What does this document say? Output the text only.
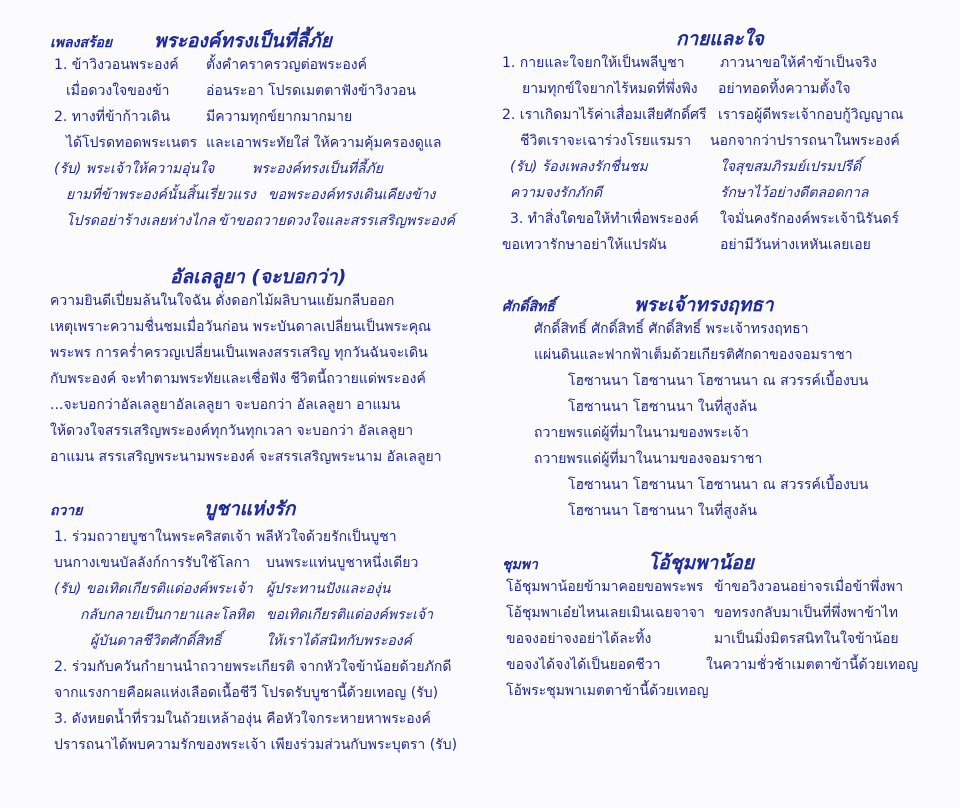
เพลงสร้อย พระองค์ทรงเป็นที่ลี้ภัย
1. ข้าวิงวอนพระองค์ ตั้งคำคราครวญต่อพระองค์
เมื่อดวงใจของข้า	อ่อนระอา โปรดเมตตาฟังข้าวิงวอน
2. ทางที่ข้าก้าวเดิน	มีความทุกข์ยากมากมาย
ได้โปรดทอดพระเนตร และเอาพระทัยใส่ ให้ความคุ้มครองดูแล
(รับ) พระเจ้าให้ความอุ่นใจ	พระองค์ทรงเป็นที่ลี้ภัย
ยามที่ข้าพระองค์นั้นสิ้นเรี่ยวแรง ขอพระองค์ทรงเดินเคียงข้าง
โปรดอย่าร้างเลยห่างไกล ข้าขอถวายดวงใจและสรรเสริญพระองค์
อัลเลลูยา (จะบอกว่า)
ความยินดีเปี่ยมล้นในใจฉัน ดั่งดอกไม้ผลิบานแย้มกลีบออก
เหตุเพราะความชื่นชมเมื่อวันก่อน พระบันดาลเปลี่ยนเป็นพระคุณ
พระพร การคร่ำครวญเปลี่ยนเป็นเพลงสรรเสริญ ทุกวันฉันจะเดิน
กับพระองค์ จะทำตามพระทัยและเชื่อฟัง ชีวิตนี้ถวายแด่พระองค์
...จะบอกว่าอัลเลลูยาอัลเลลูยา จะบอกว่า อัลเลลูยา อาแมน
ให้ดวงใจสรรเสริญพระองค์ทุกวันทุกเวลา จะบอกว่า อัลเลลูยา
อาแมน สรรเสริญพระนามพระองค์ จะสรรเสริญพระนาม อัลเลลูยา
ถวาย	บูชาแห่งรัก
1. ร่วมถวายบูชาในพระคริสตเจ้า พลีหัวใจด้วยรักเป็นบูชา
บนกางเขนบัลลังก์การรับใช้โลกา บนพระแท่นบูชาหนึ่งเดียว
(รับ) ขอเทิดเกียรติแด่องค์พระเจ้า ผู้ประทานปังและองุ่น
กลับกลายเป็นกายาและโลหิต ขอเทิดเกียรติแด่องค์พระเจ้า
ผู้บันดาลชีวิตศักดิ์สิทธิ์	ให้เราได้สนิทกับพระองค์
2. ร่วมกับควันกำยานนำถวายพระเกียรติ จากหัวใจข้าน้อยด้วยภักดี
จากแรงกายคือผลแห่งเลือดเนื้อชีวี โปรดรับบูชานี้ด้วยเทอญ (รับ)
3. ดังหยดน้ำที่รวมในถ้วยเหล้าองุ่น คือหัวใจกระหายหาพระองค์
ปรารถนาได้พบความรักของพระเจ้า เพียงร่วมส่วนกับพระบุตรา (รับ)
กายและใจ
1. กายและใจยกให้เป็นพลีบูชา	ภาวนาขอให้คำข้าเป็นจริง
ยามทุกข์ใจยากไร้หมดที่พึ่งพิง อย่าทอดทิ้งความตั้งใจ
2. เราเกิดมาไร้ค่าเสื่อมเสียศักดิ์ศรี เรารอผู้ดีพระเจ้ากอบกู้วิญญาณ
ชีวิตเราจะเฉาร่วงโรยแรมรา นอกจากว่าปรารถนาในพระองค์
(รับ) ร้องเพลงรักชื่นชม	ใจสุขสมภิรมย์เปรมปรีดิ์
ความจงรักภักดี	รักษาไว้อย่างดีตลอดกาล
3. ทำสิ่งใดขอให้ทำเพื่อพระองค์ ใจมั่นคงรักองค์พระเจ้านิรันดร์
ขอเทวารักษาอย่าให้แปรผัน	อย่ามีวันห่างเหหันเลยเอย
ศักดิ์สิทธิ์	พระเจ้าทรงฤทธา
ศักดิ์สิทธิ์ ศักดิ์สิทธิ์ ศักดิ์สิทธิ์ พระเจ้าทรงฤทธา
แผ่นดินและฟากฟ้าเต็มด้วยเกียรติศักดาของจอมราชา
โฮซานนา โฮซานนา โฮซานนา ณ สวรรค์เบื้องบน
โฮซานนา โฮซานนา ในที่สูงล้น
ถวายพรแด่ผู้ที่มาในนามของพระเจ้า
ถวายพรแด่ผู้ที่มาในนามของจอมราชา
โฮซานนา โฮซานนา โฮซานนา ณ สวรรค์เบื้องบน
โฮซานนา โฮซานนา ในที่สูงล้น
ชุมพา	โอ้ชุมพาน้อย
โอ้ชุมพาน้อยข้ามาคอยขอพระพร ข้าขอวิงวอนอย่าจรเมื่อข้าพึ่งพา
โอ้ชุมพาเอ๋ยไหนเลยเมินเฉยจาจา ขอทรงกลับมาเป็นที่พึ่งพาข้าไท
ขอจงอย่าจงอย่าได้ละทิ้ง	มาเป็นมิ่งมิตรสนิทในใจข้าน้อย
ขอจงได้จงได้เป็นยอดชีวา	ในความชั่วช้าเมตตาข้านี้ด้วยเทอญ
โอ้พระชุมพาเมตตาข้านี้ด้วยเทอญ
